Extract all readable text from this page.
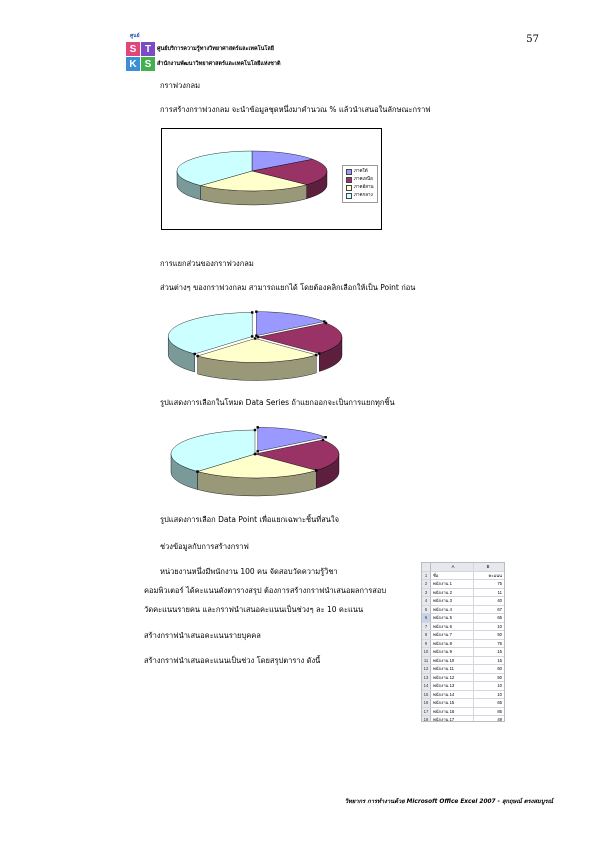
ศูนย์
S T
K S
ศูนย์บริการความรู้ทางวิทยาศาสตร์และเทคโนโลยี
สำนักงานพัฒนาวิทยาศาสตร์และเทคโนโลยีแห่งชาติ
57
กราฟวงกลม
การสร้างกราฟวงกลม จะนำข้อมูลชุดหนึ่งมาคำนวณ % แล้วนำเสนอในลักษณะกราฟ
ภาคใต้
ภาคเหนือ
ภาคอีสาน
ภาคกลาง
การแยกส่วนของกราฟวงกลม
ส่วนต่างๆ ของกราฟวงกลม สามารถแยกได้ โดยต้องคลิกเลือกให้เป็น Point ก่อน
รูปแสดงการเลือกในโหมด Data Series ถ้าแยกออกจะเป็นการแยกทุกชิ้น
รูปแสดงการเลือก Data Point เพื่อแยกเฉพาะชิ้นที่สนใจ
ช่วงข้อมูลกับการสร้างกราฟ
หน่วยงานหนึ่งมีพนักงาน 100 คน จัดสอบวัดความรู้วิชา
คอมพิวเตอร์ ได้คะแนนดังตารางสรุป ต้องการสร้างกราฟนำเสนอผลการสอบ
วัดคะแนนรายคน และกราฟนำเสนอคะแนนเป็นช่วงๆ ละ 10 คะแนน
สร้างกราฟนำเสนอคะแนนรายบุคคล
สร้างกราฟนำเสนอคะแนนเป็นช่วง โดยสรุปตาราง ดังนี้
A	B
1	ชื่อ	คะแนน
2	พนักงาน 1	75
3	พนักงาน 2	11
4	พนักงาน 3	40
5	พนักงาน 4	67
6	พนักงาน 5	65
7	พนักงาน 6	10
8	พนักงาน 7	50
9	พนักงาน 8	76
10	พนักงาน 9	15
11	พนักงาน 10	15
12	พนักงาน 11	60
13	พนักงาน 12	50
14	พนักงาน 13	10
15	พนักงาน 14	10
16	พนักงาน 15	65
17	พนักงาน 16	85
18	พนักงาน 17	49
วิทยากร การทำงานด้วย Microsoft Office Excel 2007 - สุกฤษณ์ ตรงสมบูรณ์
